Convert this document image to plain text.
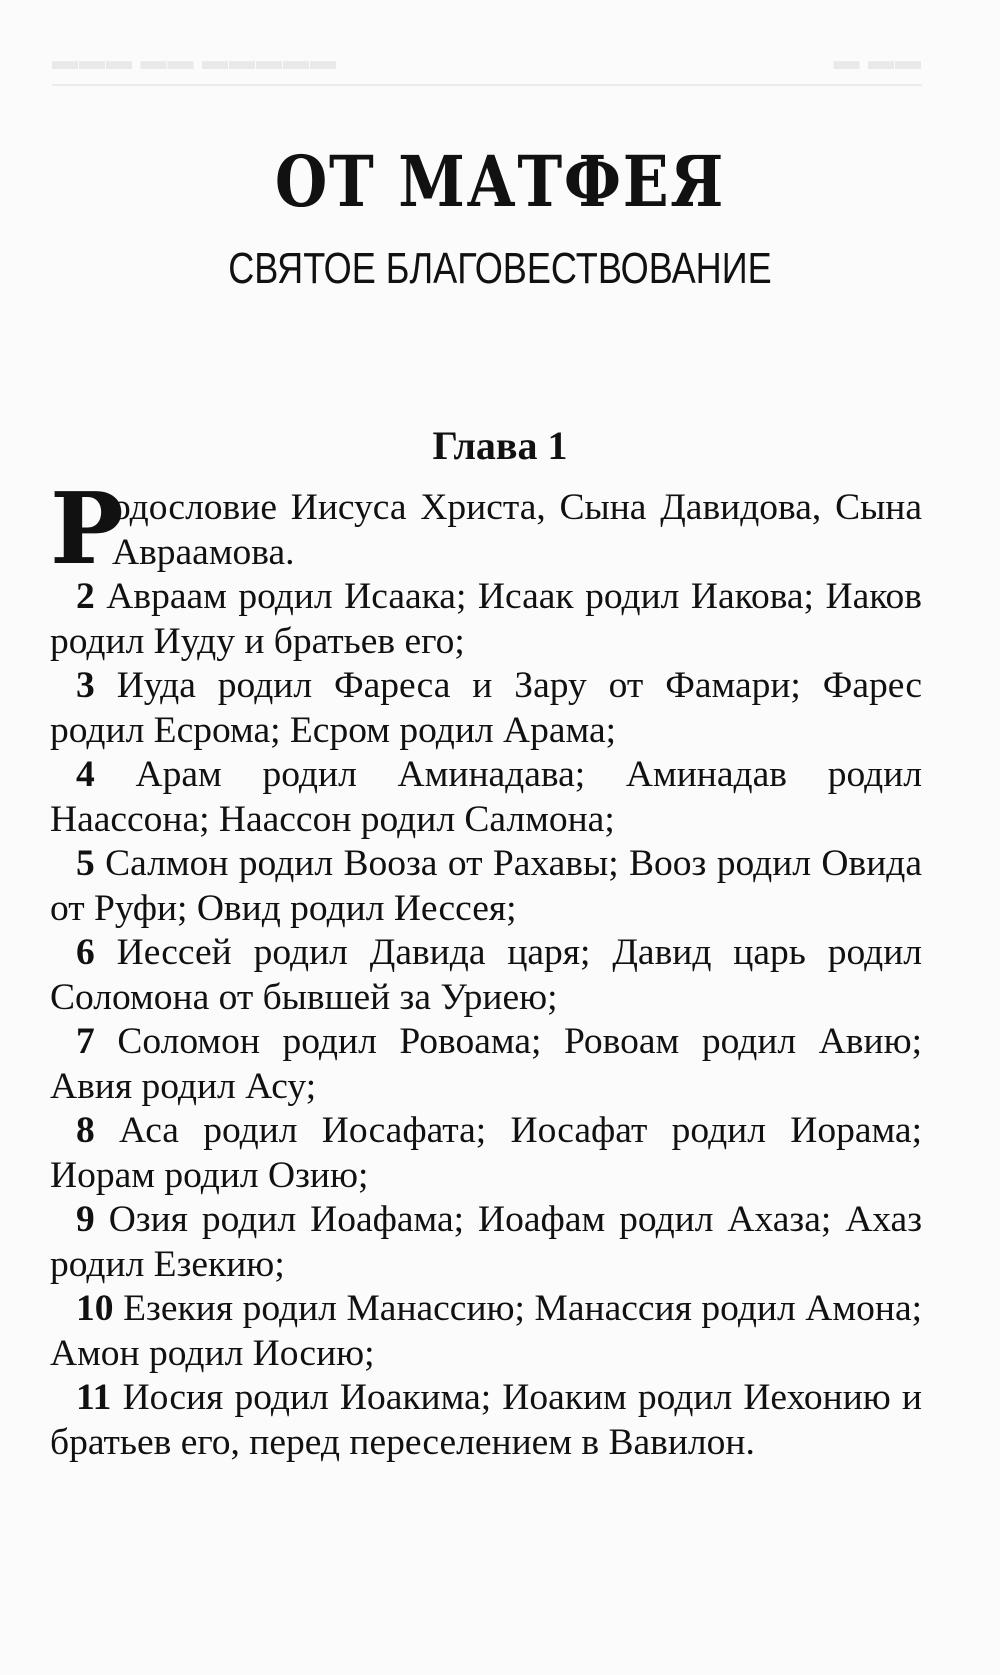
▬▬▬ ▬▬ ▬▬▬▬▬	▬ ▬▬
ОТ МАТФЕЯ
СВЯТОЕ БЛАГОВЕСТВОВАНИЕ
Глава 1

Р
одословие Иисуса Христа, Сына Давидова, Сына Авраамова.

2 Авраам родил Исаака; Исаак родил Иакова; Иаков родил Иуду и братьев его;

3 Иуда родил Фареса и Зару от Фамари; Фарес родил Есрома; Есром родил Арама;

4 Арам родил Аминадава; Аминадав родил Наассона; Наассон родил Салмона;

5 Салмон родил Вооза от Рахавы; Вооз родил Овида от Руфи; Овид родил Иессея;

6 Иессей родил Давида царя; Давид царь родил Соломона от бывшей за Уриею;

7 Соломон родил Ровоама; Ровоам родил Авию; Авия родил Асу;

8 Аса родил Иосафата; Иосафат родил Иорама; Иорам родил Озию;

9 Озия родил Иоафама; Иоафам родил Ахаза; Ахаз родил Езекию;

10 Езекия родил Манассию; Манассия родил Амона; Амон родил Иосию;

11 Иосия родил Иоакима; Иоаким родил Иехонию и братьев его, перед переселением в Вавилон.
